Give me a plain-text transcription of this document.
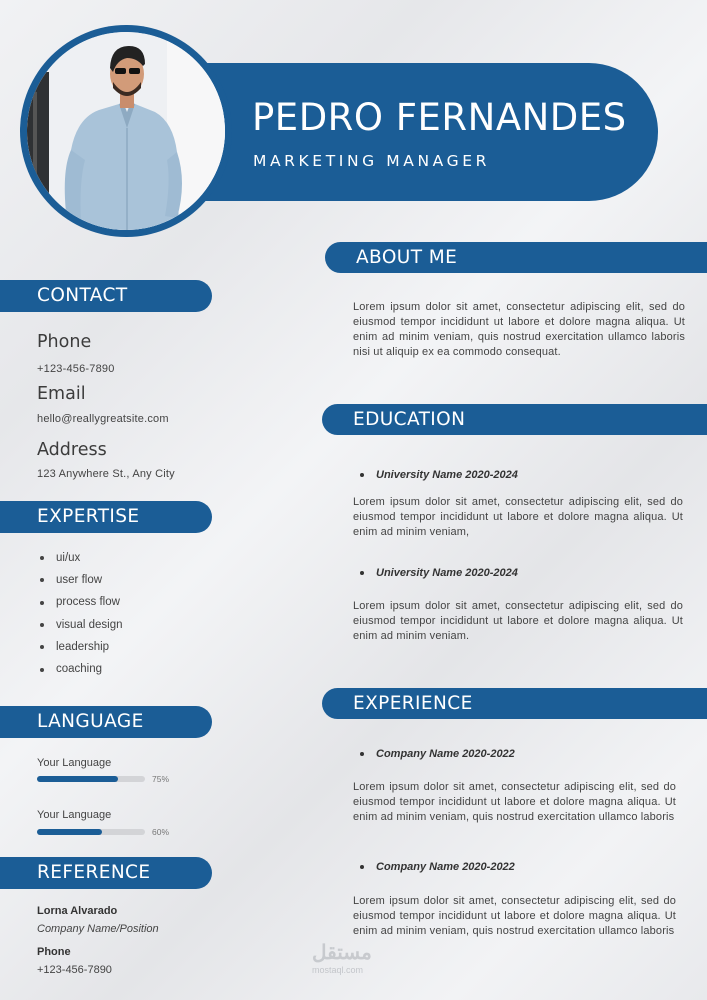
PEDRO FERNANDES
MARKETING MANAGER
CONTACT
Phone
+123-456-7890
Email
hello@reallygreatsite.com
Address
123 Anywhere St., Any City
EXPERTISE
ui/ux
user flow
process flow
visual design
leadership
coaching
LANGUAGE
Your Language
75%
Your Language
60%
REFERENCE
Lorna Alvarado
Company Name/Position
Phone
+123-456-7890
ABOUT ME
Lorem ipsum dolor sit amet, consectetur adipiscing elit, sed do eiusmod tempor incididunt ut labore et dolore magna aliqua. Ut enim ad minim veniam, quis nostrud exercitation ullamco laboris nisi ut aliquip ex ea commodo consequat.
EDUCATION
University Name 2020-2024
Lorem ipsum dolor sit amet, consectetur adipiscing elit, sed do eiusmod tempor incididunt ut labore et dolore magna aliqua. Ut enim ad minim veniam,
University Name 2020-2024
Lorem ipsum dolor sit amet, consectetur adipiscing elit, sed do eiusmod tempor incididunt ut labore et dolore magna aliqua. Ut enim ad minim veniam.
EXPERIENCE
Company Name 2020-2022
Lorem ipsum dolor sit amet, consectetur adipiscing elit, sed do eiusmod tempor incididunt ut labore et dolore magna aliqua. Ut enim ad minim veniam, quis nostrud exercitation ullamco laboris
Company Name 2020-2022
Lorem ipsum dolor sit amet, consectetur adipiscing elit, sed do eiusmod tempor incididunt ut labore et dolore magna aliqua. Ut enim ad minim veniam, quis nostrud exercitation ullamco laboris
مستقل
mostaql.com
